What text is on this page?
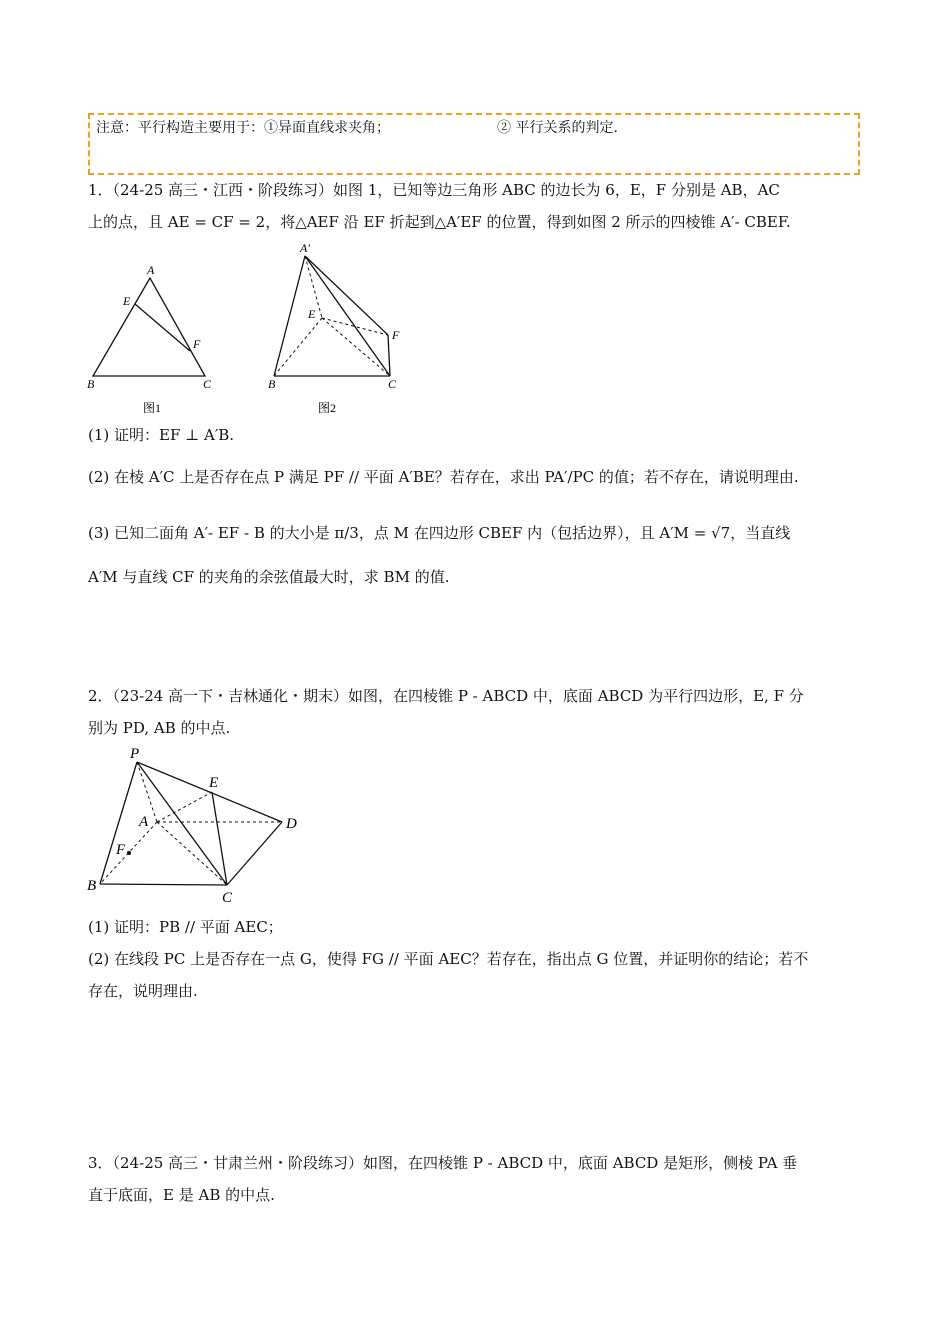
注意：平行构造主要用于：①异面直线求夹角；	② 平行关系的判定.
1．（24-25 高三・江西・阶段练习）如图 1，已知等边三角形 ABC 的边长为 6，E，F 分别是 AB，AC
上的点，且 AE = CF = 2，将△AEF 沿 EF 折起到△A′EF 的位置，得到如图 2 所示的四棱锥 A′- CBEF.
A
E
F
B	C
图1
A′
E
F
B	C
图2
(1) 证明：EF ⊥ A′B.
(2) 在棱 A′C 上是否存在点 P 满足 PF // 平面 A′BE？若存在，求出 PA′/PC 的值；若不存在，请说明理由.
(3) 已知二面角 A′- EF - B 的大小是 π/3，点 M 在四边形 CBEF 内（包括边界），且 A′M = √7，当直线
A′M 与直线 CF 的夹角的余弦值最大时，求 BM 的值.
2．（23-24 高一下・吉林通化・期末）如图，在四棱锥 P - ABCD 中，底面 ABCD 为平行四边形，E, F 分
别为 PD, AB 的中点.
P
E
A	D
F
B
C
(1) 证明：PB // 平面 AEC；
(2) 在线段 PC 上是否存在一点 G，使得 FG // 平面 AEC？若存在，指出点 G 位置，并证明你的结论；若不
存在，说明理由.
3．（24-25 高三・甘肃兰州・阶段练习）如图，在四棱锥 P - ABCD 中，底面 ABCD 是矩形，侧棱 PA 垂
直于底面，E 是 AB 的中点.
